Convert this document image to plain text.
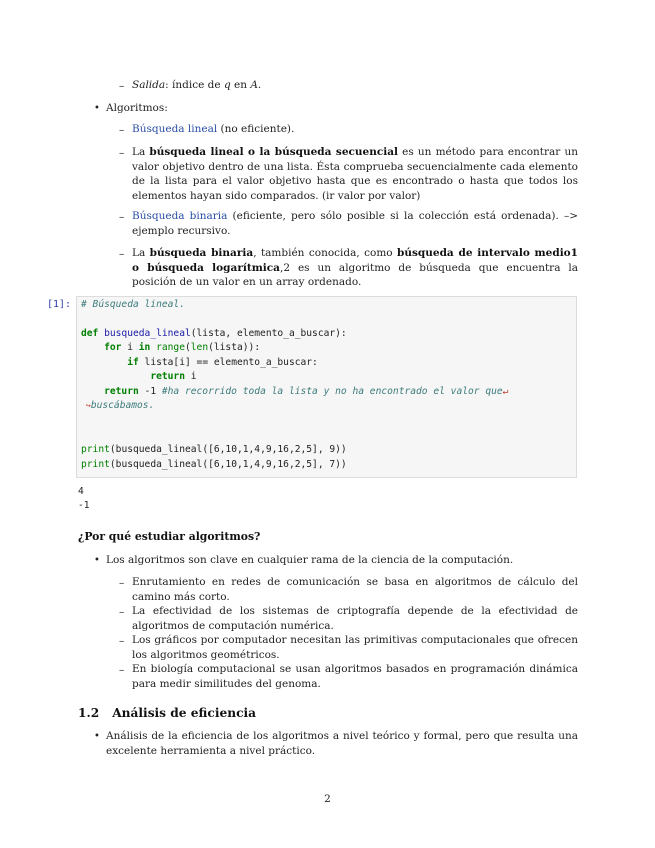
– Salida: índice de q en A.
• Algoritmos:
– Búsqueda lineal (no eficiente).
– La búsqueda lineal o la búsqueda secuencial es un método para encontrar un valor objetivo dentro de una lista. Ésta comprueba secuencialmente cada elemento de la lista para el valor objetivo hasta que es encontrado o hasta que todos los elementos hayan sido comparados. (ir valor por valor)
– Búsqueda binaria (eficiente, pero sólo posible si la colección está ordenada). –> ejemplo recursivo.
– La búsqueda binaria, también conocida, como búsqueda de intervalo medio1 o búsqueda logarítmica,2 es un algoritmo de búsqueda que encuentra la posición de un valor en un array ordenado.
[1]: # Búsqueda lineal.
def busqueda_lineal(lista, elemento_a_buscar):
for i in range(len(lista)):
if lista[i] == elemento_a_buscar:
return i
return -1 #ha recorrido toda la lista y no ha encontrado el valor que↵
↪buscábamos.
print(busqueda_lineal([6,10,1,4,9,16,2,5], 9))
print(busqueda_lineal([6,10,1,4,9,16,2,5], 7))
4
-1
¿Por qué estudiar algoritmos?
• Los algoritmos son clave en cualquier rama de la ciencia de la computación.
– Enrutamiento en redes de comunicación se basa en algoritmos de cálculo del camino más corto.
– La efectividad de los sistemas de criptografía depende de la efectividad de algoritmos de computación numérica.
– Los gráficos por computador necesitan las primitivas computacionales que ofrecen los algoritmos geométricos.
– En biología computacional se usan algoritmos basados en programación dinámica para medir similitudes del genoma.
1.2 Análisis de eficiencia
• Análisis de la eficiencia de los algoritmos a nivel teórico y formal, pero que resulta una excelente herramienta a nivel práctico.
2
